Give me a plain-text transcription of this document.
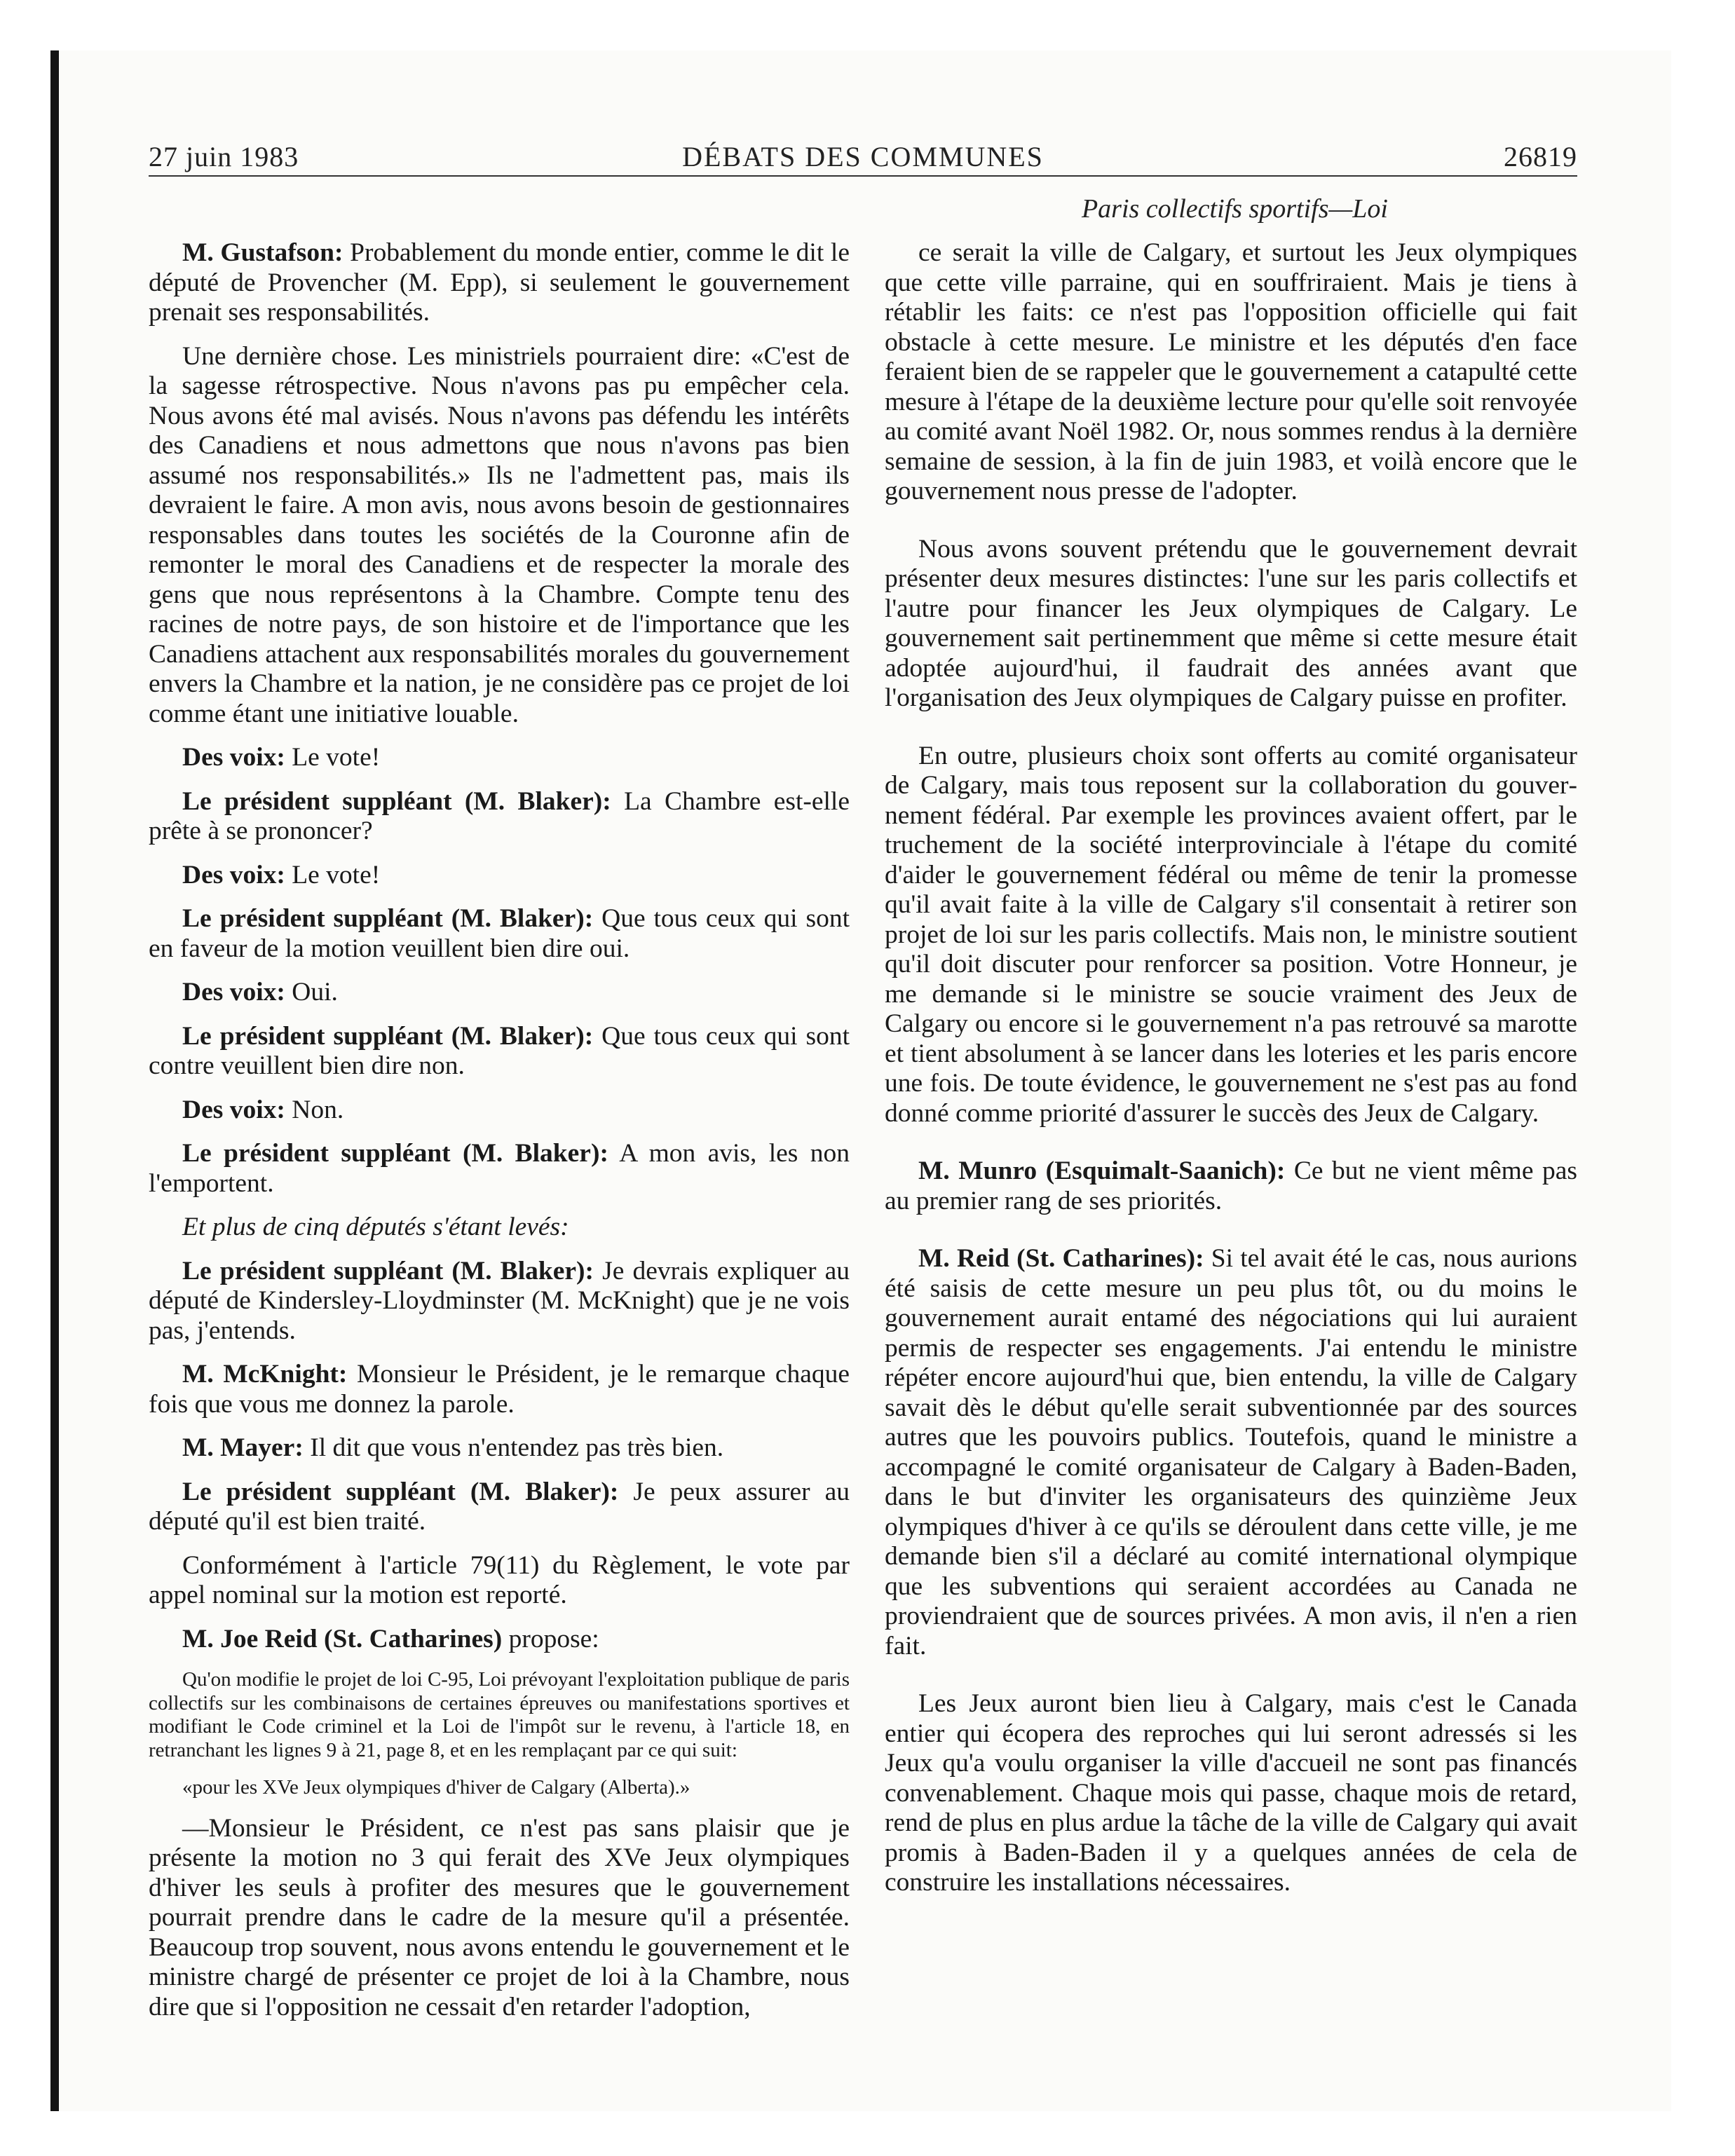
27 juin 1983	DÉBATS DES COMMUNES	26819
Paris collectifs sportifs—Loi

M. Gustafson: Probablement du monde entier, comme le dit le député de Provencher (M. Epp), si seulement le gouvernement prenait ses responsabilités.

Une dernière chose. Les ministriels pourraient dire: «C'est de la sagesse rétrospective. Nous n'avons pas pu empêcher cela. Nous avons été mal avisés. Nous n'avons pas défendu les intérêts des Canadiens et nous admettons que nous n'avons pas bien assumé nos responsabilités.» Ils ne l'admettent pas, mais ils devraient le faire. A mon avis, nous avons besoin de gestionnaires responsables dans toutes les sociétés de la Couronne afin de remonter le moral des Canadiens et de respecter la morale des gens que nous représentons à la Chambre. Compte tenu des racines de notre pays, de son histoire et de l'importance que les Canadiens attachent aux responsabilités morales du gouvernement envers la Chambre et la nation, je ne considère pas ce projet de loi comme étant une initiative louable.

Des voix: Le vote!

Le président suppléant (M. Blaker): La Chambre est-elle prête à se prononcer?

Des voix: Le vote!

Le président suppléant (M. Blaker): Que tous ceux qui sont en faveur de la motion veuillent bien dire oui.

Des voix: Oui.

Le président suppléant (M. Blaker): Que tous ceux qui sont contre veuillent bien dire non.

Des voix: Non.

Le président suppléant (M. Blaker): A mon avis, les non l'emportent.

Et plus de cinq députés s'étant levés:

Le président suppléant (M. Blaker): Je devrais expliquer au député de Kindersley-Lloydminster (M. McKnight) que je ne vois pas, j'entends.

M. McKnight: Monsieur le Président, je le remarque chaque fois que vous me donnez la parole.

M. Mayer: Il dit que vous n'entendez pas très bien.

Le président suppléant (M. Blaker): Je peux assurer au député qu'il est bien traité.

Conformément à l'article 79(11) du Règlement, le vote par appel nominal sur la motion est reporté.

M. Joe Reid (St. Catharines) propose:

Qu'on modifie le projet de loi C-95, Loi prévoyant l'exploitation publique de paris collectifs sur les combinaisons de certaines épreuves ou manifestations sportives et modifiant le Code criminel et la Loi de l'impôt sur le revenu, à l'article 18, en retranchant les lignes 9 à 21, page 8, et en les remplaçant par ce qui suit:

«pour les XVe Jeux olympiques d'hiver de Calgary (Alberta).»

—Monsieur le Président, ce n'est pas sans plaisir que je présente la motion no 3 qui ferait des XVe Jeux olympiques d'hiver les seuls à profiter des mesures que le gouvernement pourrait prendre dans le cadre de la mesure qu'il a présentée. Beaucoup trop souvent, nous avons entendu le gouvernement et le ministre chargé de présenter ce projet de loi à la Chambre, nous dire que si l'opposition ne cessait d'en retarder l'adoption,

ce serait la ville de Calgary, et surtout les Jeux olympiques que cette ville parraine, qui en souffriraient. Mais je tiens à rétablir les faits: ce n'est pas l'opposition officielle qui fait obstacle à cette mesure. Le ministre et les députés d'en face feraient bien de se rappeler que le gouvernement a catapulté cette mesure à l'étape de la deuxième lecture pour qu'elle soit renvoyée au comité avant Noël 1982. Or, nous sommes rendus à la dernière semaine de session, à la fin de juin 1983, et voilà encore que le gouvernement nous presse de l'adopter.

Nous avons souvent prétendu que le gouvernement devrait présenter deux mesures distinctes: l'une sur les paris collectifs et l'autre pour financer les Jeux olympiques de Calgary. Le gouvernement sait pertinemment que même si cette mesure était adoptée aujourd'hui, il faudrait des années avant que l'organisation des Jeux olympiques de Calgary puisse en profiter.

En outre, plusieurs choix sont offerts au comité organisateur de Calgary, mais tous reposent sur la collaboration du gouvernement fédéral. Par exemple les provinces avaient offert, par le truchement de la société interprovinciale à l'étape du comité d'aider le gouvernement fédéral ou même de tenir la promesse qu'il avait faite à la ville de Calgary s'il consentait à retirer son projet de loi sur les paris collectifs. Mais non, le ministre soutient qu'il doit discuter pour renforcer sa position. Votre Honneur, je me demande si le ministre se soucie vraiment des Jeux de Calgary ou encore si le gouvernement n'a pas retrouvé sa marotte et tient absolument à se lancer dans les loteries et les paris encore une fois. De toute évidence, le gouvernement ne s'est pas au fond donné comme priorité d'assurer le succès des Jeux de Calgary.

M. Munro (Esquimalt-Saanich): Ce but ne vient même pas au premier rang de ses priorités.

M. Reid (St. Catharines): Si tel avait été le cas, nous aurions été saisis de cette mesure un peu plus tôt, ou du moins le gouvernement aurait entamé des négociations qui lui auraient permis de respecter ses engagements. J'ai entendu le ministre répéter encore aujourd'hui que, bien entendu, la ville de Calgary savait dès le début qu'elle serait subventionnée par des sources autres que les pouvoirs publics. Toutefois, quand le ministre a accompagné le comité organisateur de Calgary à Baden-Baden, dans le but d'inviter les organisateurs des quinzième Jeux olympiques d'hiver à ce qu'ils se déroulent dans cette ville, je me demande bien s'il a déclaré au comité international olympique que les subventions qui seraient accordées au Canada ne proviendraient que de sources privées. A mon avis, il n'en a rien fait.

Les Jeux auront bien lieu à Calgary, mais c'est le Canada entier qui écopera des reproches qui lui seront adressés si les Jeux qu'a voulu organiser la ville d'accueil ne sont pas financés convenablement. Chaque mois qui passe, chaque mois de retard, rend de plus en plus ardue la tâche de la ville de Calgary qui avait promis à Baden-Baden il y a quelques années de cela de construire les installations nécessaires.
